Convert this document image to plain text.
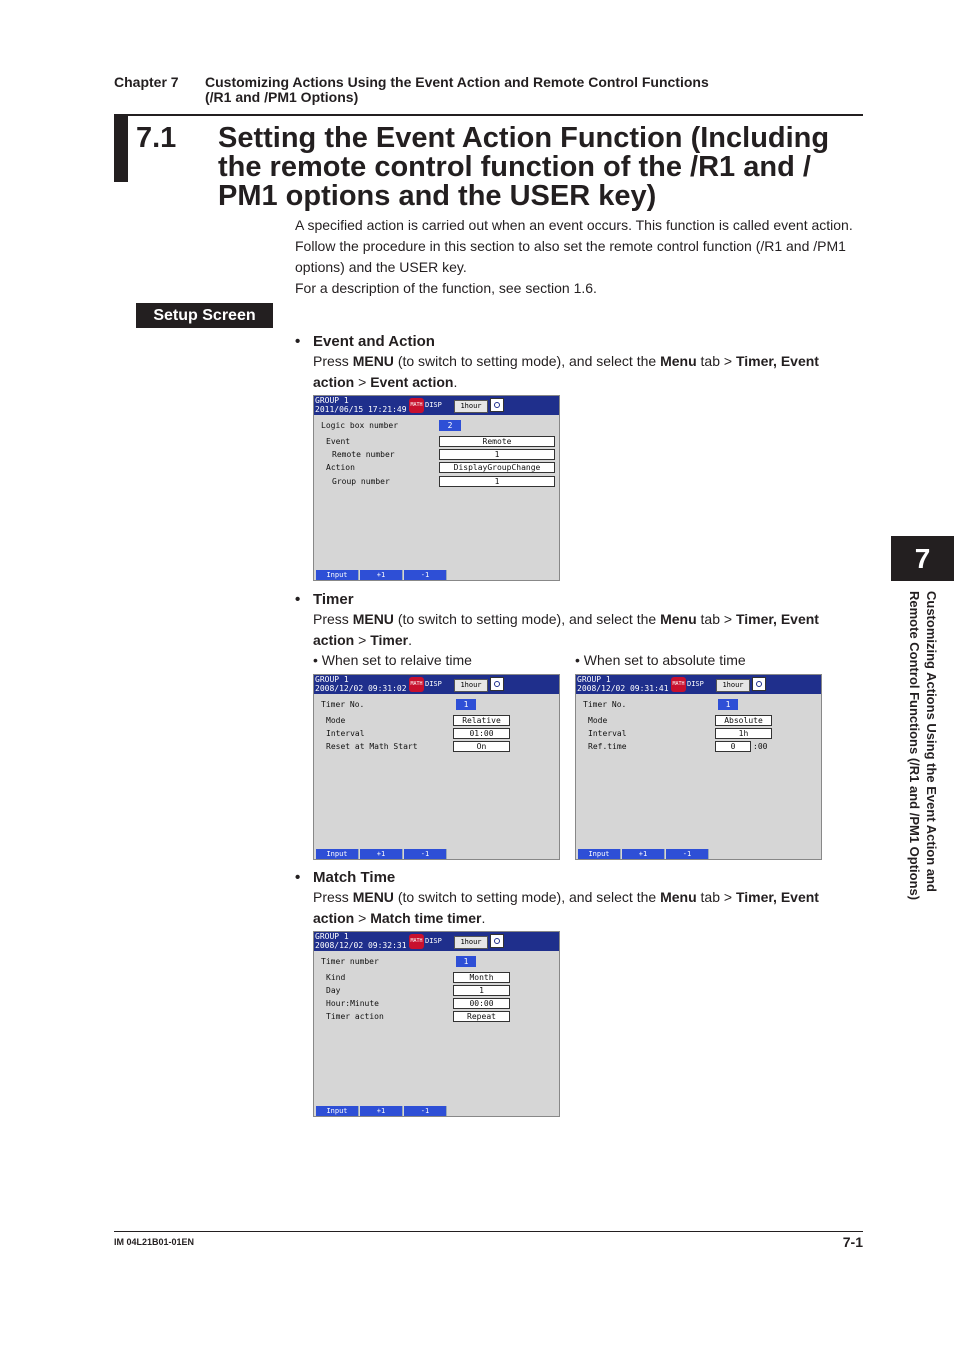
Chapter 7 Customizing Actions Using the Event Action and Remote Control Functions
(/R1 and /PM1 Options)
7.1 Setting the Event Action Function (Including the remote control function of the /R1 and / PM1 options and the USER key)

A specified action is carried out when an event occurs. This function is called event action. Follow the procedure in this section to also set the remote control function (/R1 and /PM1 options) and the USER key.

For a description of the function, see section 1.6.

Setup Screen
• Event and Action
Press MENU (to switch to setting mode), and select the Menu tab > Timer, Event
action > Event action.
GROUP 1
2011/06/15 17:21:49 MATH DISP	1hour
Logic box number	2
Event	Remote
Remote number	1
Action	DisplayGroupChange
Group number	1
Input	+1	-1
• Timer
Press MENU (to switch to setting mode), and select the Menu tab > Timer, Event
action > Timer.
• When set to relaive time	• When set to absolute time
GROUP 1
2008/12/02 09:31:02 MATH DISP	1hour
Timer No.	1
Mode	Relative
Interval	01:00
Reset at Math Start	On
Input	+1	-1
GROUP 1
2008/12/02 09:31:41 MATH DISP	1hour
Timer No.	1
Mode	Absolute
Interval	1h
Ref.time	0	:00
Input	+1	-1
• Match Time
Press MENU (to switch to setting mode), and select the Menu tab > Timer, Event
action > Match time timer.
GROUP 1
2008/12/02 09:32:31 MATH DISP	1hour
Timer number	1
Kind	Month
Day	1
Hour:Minute	00:00
Timer action	Repeat
Input	+1	-1
7
Customizing Actions Using the Event Action and
Remote Control Functions (/R1 and /PM1 Options)
IM 04L21B01-01EN	7-1
